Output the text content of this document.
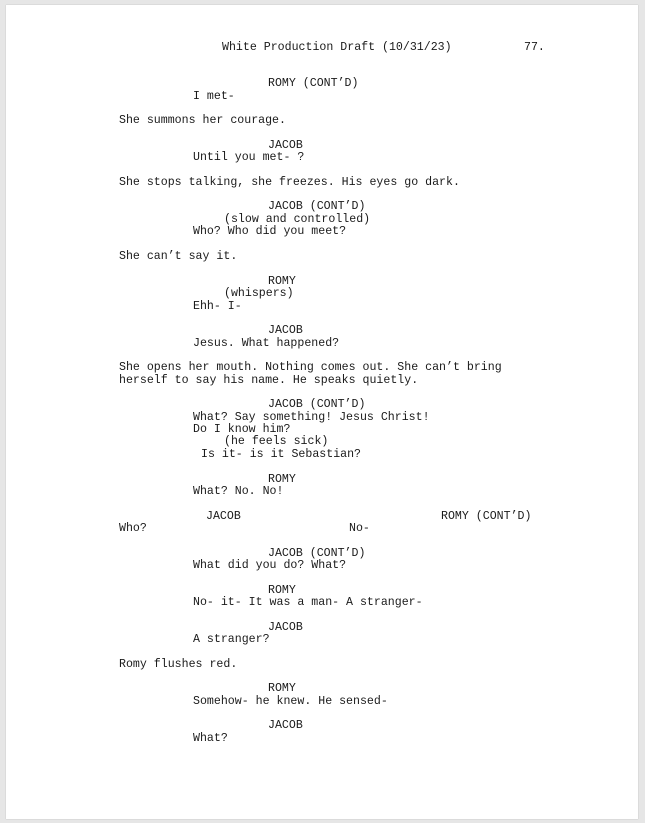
White Production Draft (10/31/23)	77.
ROMY (CONT’D)
I met-
She summons her courage.
JACOB
Until you met- ?
She stops talking, she freezes. His eyes go dark.
JACOB (CONT’D)
(slow and controlled)
Who? Who did you meet?
She can’t say it.
ROMY
(whispers)
Ehh- I-
JACOB
Jesus. What happened?
She opens her mouth. Nothing comes out. She can’t bring
herself to say his name. He speaks quietly.
JACOB (CONT’D)
What? Say something! Jesus Christ!
Do I know him?
(he feels sick)
Is it- is it Sebastian?
ROMY
What? No. No!
JACOB	ROMY (CONT’D)
Who?	No-
JACOB (CONT’D)
What did you do? What?
ROMY
No- it- It was a man- A stranger-
JACOB
A stranger?
Romy flushes red.
ROMY
Somehow- he knew. He sensed-
JACOB
What?
